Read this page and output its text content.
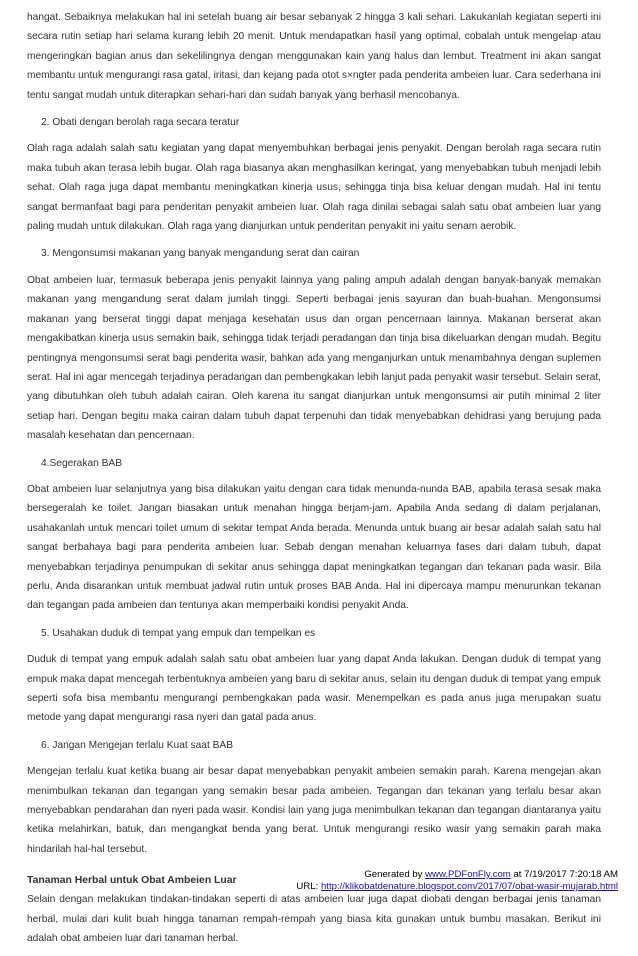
hangat. Sebaiknya melakukan hal ini setelah buang air besar sebanyak 2 hingga 3 kali sehari. Lakukanlah kegiatan seperti ini secara rutin setiap hari selama kurang lebih 20 menit. Untuk mendapatkan hasil yang optimal, cobalah untuk mengelap atau mengeringkan bagian anus dan sekelilingnya dengan menggunakan kain yang halus dan lembut. Treatment ini akan sangat membantu untuk mengurangi rasa gatal, iritasi, dan kejang pada otot s×ngter pada penderita ambeien luar. Cara sederhana ini tentu sangat mudah untuk diterapkan sehari-hari dan sudah banyak yang berhasil mencobanya.

2. Obati dengan berolah raga secara teratur

Olah raga adalah salah satu kegiatan yang dapat menyembuhkan berbagai jenis penyakit. Dengan berolah raga secara rutin maka tubuh akan terasa lebih bugar. Olah raga biasanya akan menghasilkan keringat, yang menyebabkan tubuh menjadi lebih sehat. Olah raga juga dapat membantu meningkatkan kinerja usus, sehingga tinja bisa keluar dengan mudah. Hal ini tentu sangat bermanfaat bagi para penderitan penyakit ambeien luar. Olah raga dinilai sebagai salah satu obat ambeien luar yang paling mudah untuk dilakukan. Olah raga yang dianjurkan untuk penderitan penyakit ini yaitu senam aerobik.

3. Mengonsumsi makanan yang banyak mengandung serat dan cairan

Obat ambeien luar, termasuk beberapa jenis penyakit lainnya yang paling ampuh adalah dengan banyak-banyak memakan makanan yang mengandung serat dalam jumlah tinggi. Seperti berbagai jenis sayuran dan buah-buahan. Mengonsumsi makanan yang berserat tinggi dapat menjaga kesehatan usus dan organ pencernaan lainnya. Makanan berserat akan mengakibatkan kinerja usus semakin baik, sehingga tidak terjadi peradangan dan tinja bisa dikeluarkan dengan mudah. Begitu pentingnya mengonsumsi serat bagi penderita wasir, bahkan ada yang menganjurkan untuk menambahnya dengan suplemen serat. Hal ini agar mencegah terjadinya peradangan dan pembengkakan lebih lanjut pada penyakit wasir tersebut. Selain serat, yang dibutuhkan oleh tubuh adalah cairan. Oleh karena itu sangat dianjurkan untuk mengonsumsi air putih minimal 2 liter setiap hari. Dengan begitu maka cairan dalam tubuh dapat terpenuhi dan tidak menyebabkan dehidrasi yang berujung pada masalah kesehatan dan pencernaan.

4.Segerakan BAB

Obat ambeien luar selanjutnya yang bisa dilakukan yaitu dengan cara tidak menunda-nunda BAB, apabila terasa sesak maka bersegeralah ke toilet. Jangan biasakan untuk menahan hingga berjam-jam. Apabila Anda sedang di dalam perjalanan, usahakanlah untuk mencari toilet umum di sekitar tempat Anda berada. Menunda untuk buang air besar adalah salah satu hal sangat berbahaya bagi para penderita ambeien luar. Sebab dengan menahan keluarnya fases dari dalam tubuh, dapat menyebabkan terjadinya penumpukan di sekitar anus sehingga dapat meningkatkan tegangan dan tekanan pada wasir. Bila perlu, Anda disarankan untuk membuat jadwal rutin untuk proses BAB Anda. Hal ini dipercaya mampu menurunkan tekanan dan tegangan pada ambeien dan tentunya akan memperbaiki kondisi penyakit Anda.

5. Usahakan duduk di tempat yang empuk dan tempelkan es

Duduk di tempat yang empuk adalah salah satu obat ambeien luar yang dapat Anda lakukan. Dengan duduk di tempat yang empuk maka dapat mencegah terbentuknya ambeien yang baru di sekitar anus, selain itu dengan duduk di tempat yang empuk seperti sofa bisa membantu mengurangi pembengkakan pada wasir. Menempelkan es pada anus juga merupakan suatu metode yang dapat mengurangi rasa nyeri dan gatal pada anus.

6. Jangan Mengejan terlalu Kuat saat BAB

Mengejan terlalu kuat ketika buang air besar dapat menyebabkan penyakit ambeien semakin parah. Karena mengejan akan menimbulkan tekanan dan tegangan yang semakin besar pada ambeien. Tegangan dan tekanan yang terlalu besar akan menyebabkan pendarahan dan nyeri pada wasir. Kondisi lain yang juga menimbulkan tekanan dan tegangan diantaranya yaitu ketika melahirkan, batuk, dan mengangkat benda yang berat. Untuk mengurangi resiko wasir yang semakin parah maka hindarilah hal-hal tersebut.

Tanaman Herbal untuk Obat Ambeien Luar

Selain dengan melakukan tindakan-tindakan seperti di atas ambeien luar juga dapat diobati dengan berbagai jenis tanaman herbal, mulai dari kulit buah hingga tanaman rempah-rempah yang biasa kita gunakan untuk bumbu masakan. Berikut ini adalah obat ambeien luar dari tanaman herbal.

Generated by www.PDFonFly.com at 7/19/2017 7:20:18 AM
URL: http://klikobatdenature.blogspot.com/2017/07/obat-wasir-mujarab.html
